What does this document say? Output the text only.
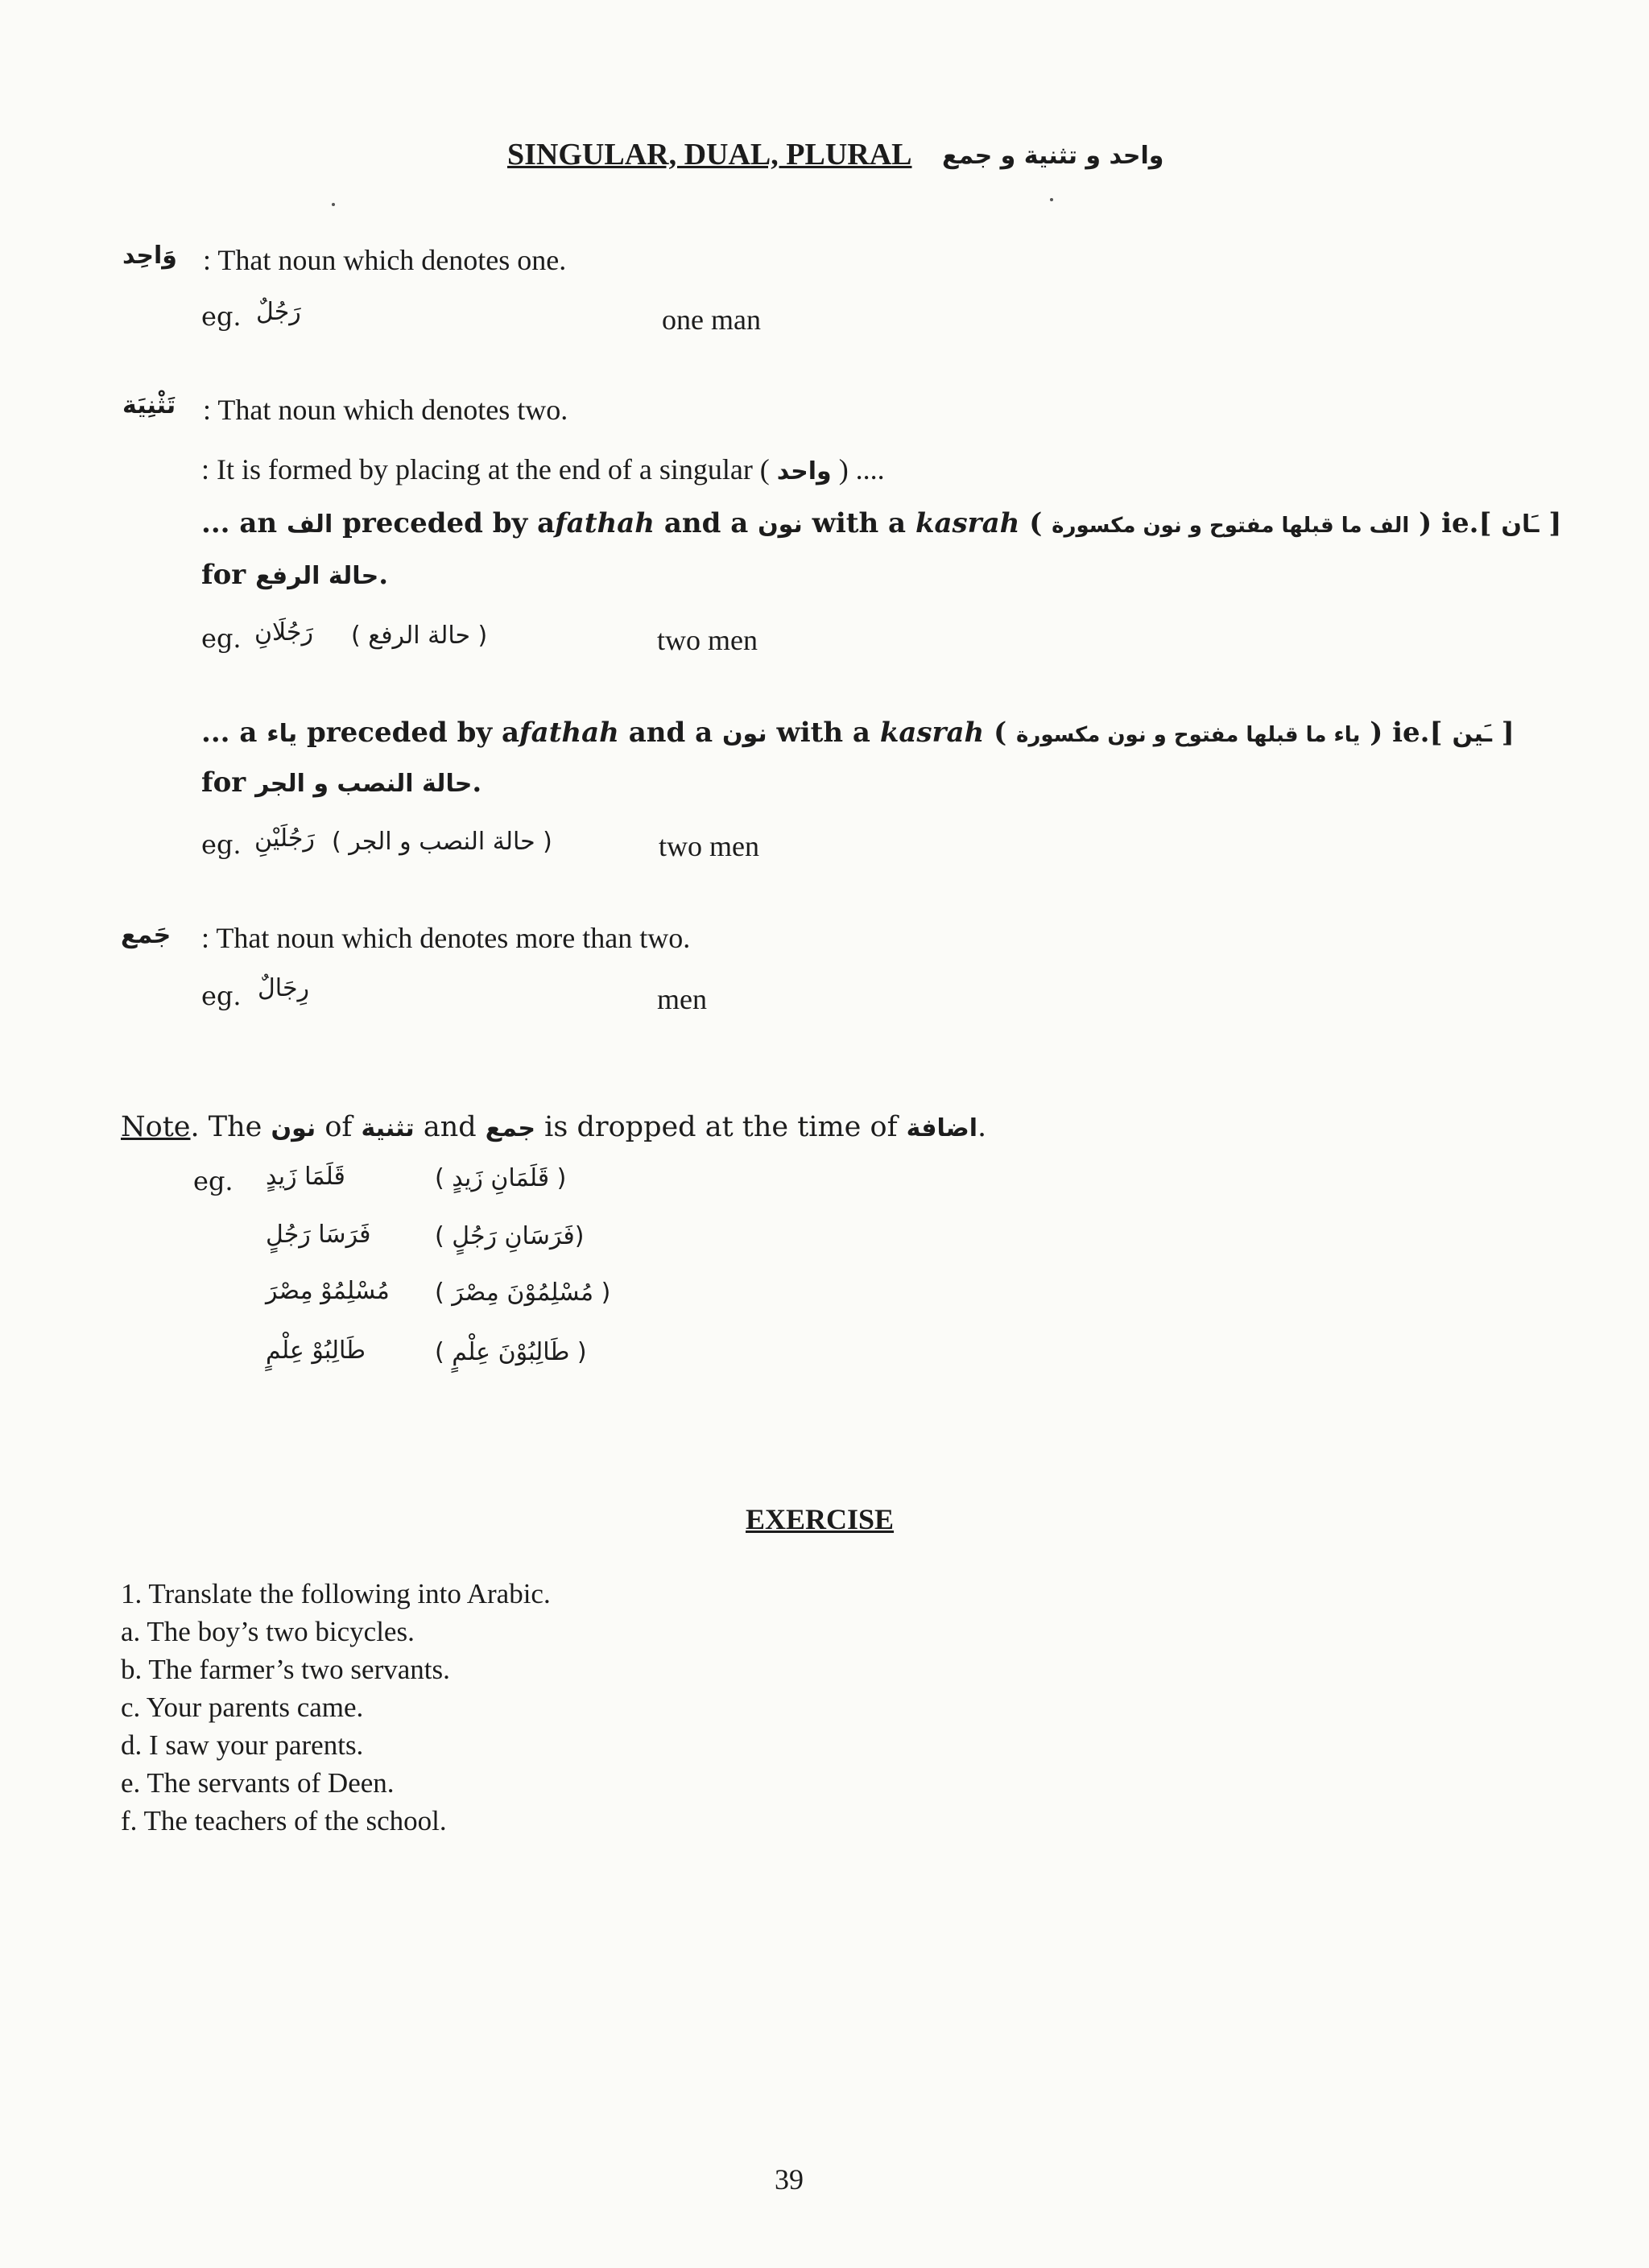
SINGULAR, DUAL, PLURAL واحد و تثنية و جمع
وَاحِد : That noun which denotes one.
eg. رَجُلٌ	one man
تَثْنِيَة : That noun which denotes two.
: It is formed by placing at the end of a singular ( واحد ) ....
... an الف preceded by afathah and a نون with a kasrah ( الف ما قبلها مفتوح و نون مكسورة ) ie.[ ـَان ]
for حالة الرفع.
eg. رَجُلَانِ ( حالة الرفع )	two men
... a ياء preceded by afathah and a نون with a kasrah ( ياء ما قبلها مفتوح و نون مكسورة ) ie.[ ـَين ]
for حالة النصب و الجر.
eg. رَجُلَيْنِ ( حالة النصب و الجر )	two men
جَمع : That noun which denotes more than two.
eg. رِجَالٌ	men
Note. The نون of تثنية and جمع is dropped at the time of اضافة.
eg. قَلَمَا زَيدٍ	( قَلَمَانِ زَيدٍ )
فَرَسَا رَجُلٍ	(فَرَسَانِ رَجُلٍ )
مُسْلِمُوْ مِصْرَ ( مُسْلِمُوْنَ مِصْرَ )
طَالِبُوْ عِلْمٍ	( طَالِبُوْنَ عِلْمٍ )
EXERCISE
1. Translate the following into Arabic.
a. The boy’s two bicycles.
b. The farmer’s two servants.
c. Your parents came.
d. I saw your parents.
e. The servants of Deen.
f. The teachers of the school.
39
